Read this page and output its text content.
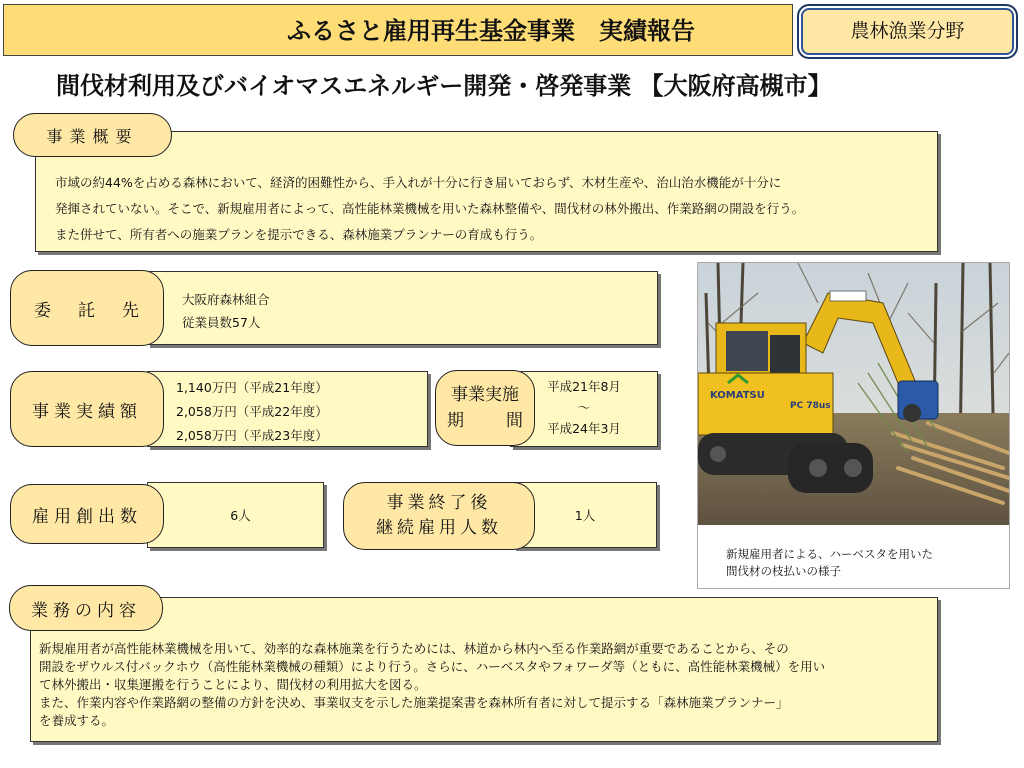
ふるさと雇用再生基金事業　実績報告	農林漁業分野
間伐材利用及びバイオマスエネルギー開発・啓発事業 【大阪府高槻市】
市域の約44%を占める森林において、経済的困難性から、手入れが十分に行き届いておらず、木材生産や、治山治水機能が十分に
発揮されていない。そこで、新規雇用者によって、高性能林業機械を用いた森林整備や、間伐材の林外搬出、作業路網の開設を行う。
また併せて、所有者への施業プランを提示できる、森林施業プランナーの育成も行う。
事業概要
大阪府森林組合
従業員数57人
委 託 先
1,140万円（平成21年度）
2,058万円（平成22年度）
2,058万円（平成23年度）
事業実績額
平成21年8月
～
平成24年3月
事業実施
期 間
6人
雇用創出数	1人
事業終了後
継続雇用人数
KOMATSU
PC 78us
新規雇用者による、ハーベスタを用いた
間伐材の枝払いの様子
新規雇用者が高性能林業機械を用いて、効率的な森林施業を行うためには、林道から林内へ至る作業路網が重要であることから、その
開設をザウルス付バックホウ（高性能林業機械の種類）により行う。さらに、ハーベスタやフォワーダ等（ともに、高性能林業機械）を用い
て林外搬出・収集運搬を行うことにより、間伐材の利用拡大を図る。
また、作業内容や作業路網の整備の方針を決め、事業収支を示した施業提案書を森林所有者に対して提示する「森林施業プランナー」
を養成する。
業務の内容
